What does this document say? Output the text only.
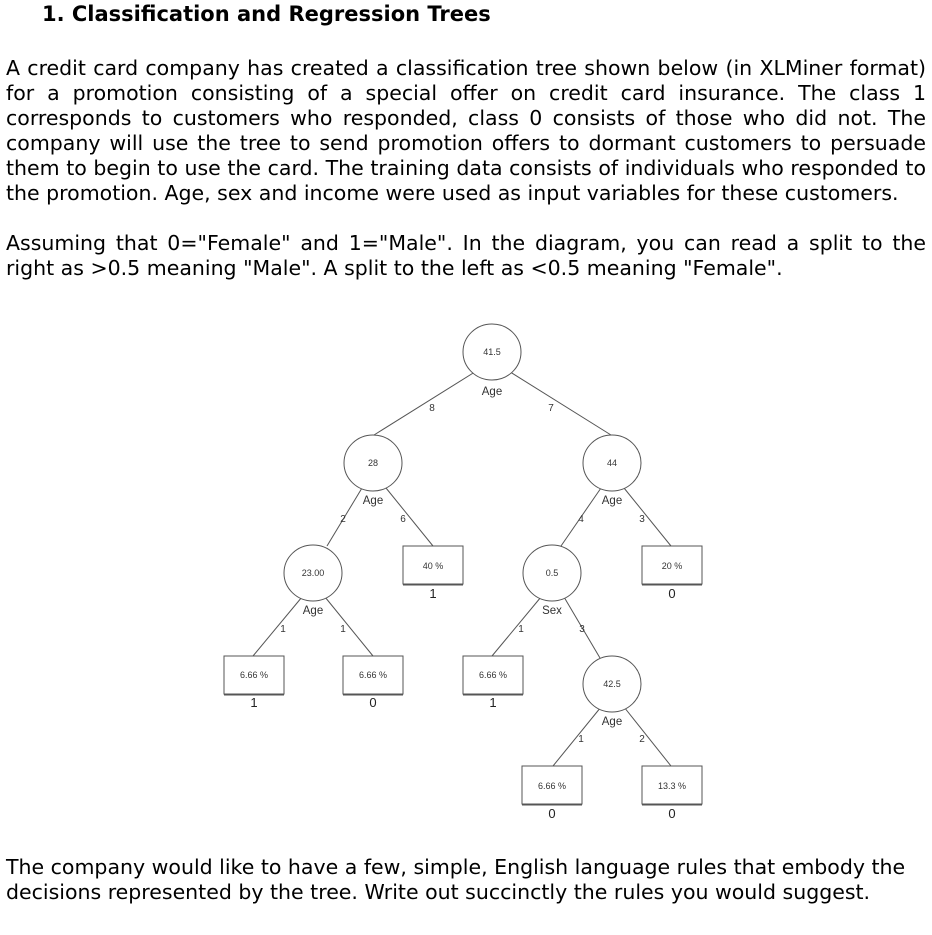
1. Classification and Regression Trees

A credit card company has created a classification tree shown below (in XLMiner format) for a promotion consisting of a special offer on credit card insurance. The class 1 corresponds to customers who responded, class 0 consists of those who did not. The company will use the tree to send promotion offers to dormant customers to persuade them to begin to use the card. The training data consists of individuals who responded to the promotion. Age, sex and income were used as input variables for these customers.

Assuming that 0="Female" and 1="Male". In the diagram, you can read a split to the right as >0.5 meaning "Male". A split to the left as <0.5 meaning "Female".

41.5
Age
8	7
28
Age
2	6
44
Age
4	3
23.00
Age
1	1
0.5
Sex
1	3
42.5
Age
1	2
40 %
1
20 %
0
6.66 %
1
6.66 %
0
6.66 %
1
6.66 %
0
13.3 %
0

The company would like to have a few, simple, English language rules that embody the decisions represented by the tree. Write out succinctly the rules you would suggest.
